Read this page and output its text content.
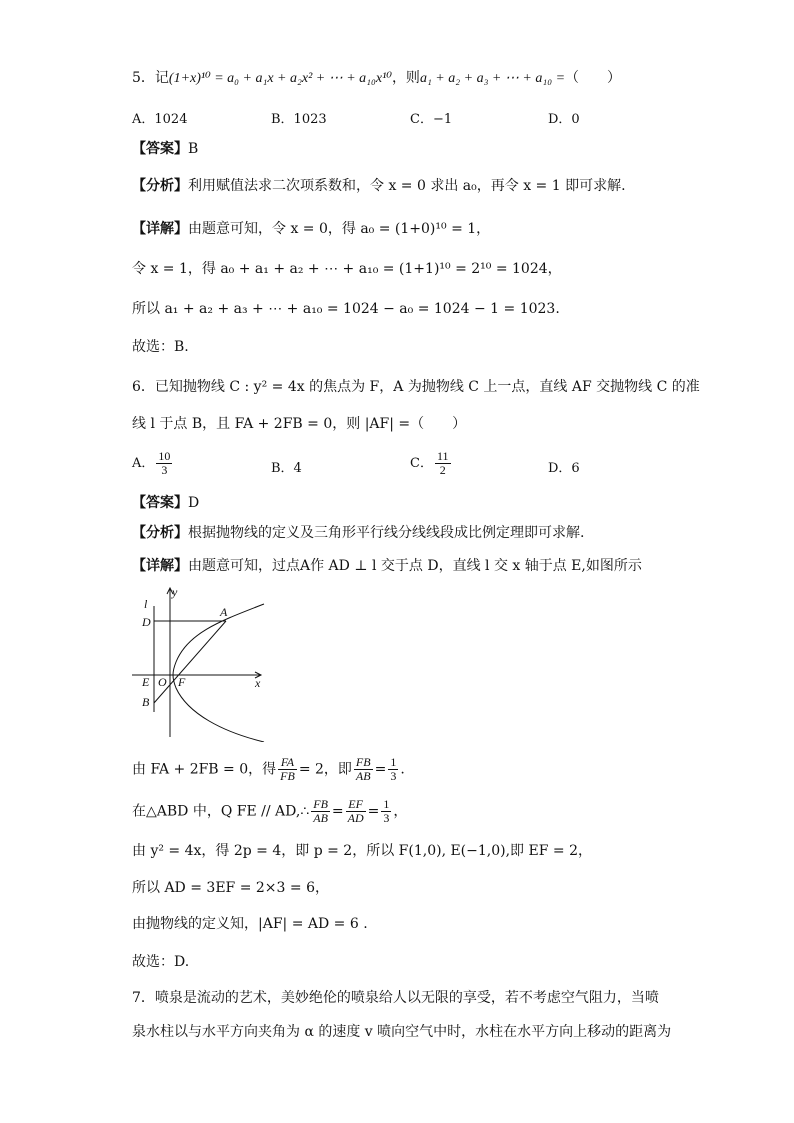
5．记(1+x)¹⁰ = a₀ + a₁x + a₂x² + ⋯ + a₁₀x¹⁰，则a₁ + a₂ + a₃ + ⋯ + a₁₀ =（　　）
A．1024	B．1023	C．−1	D．0
【答案】B
【分析】利用赋值法求二次项系数和，令 x = 0 求出 a₀，再令 x = 1 即可求解.
【详解】由题意可知，令 x = 0，得 a₀ = (1+0)¹⁰ = 1，
令 x = 1，得 a₀ + a₁ + a₂ + ⋯ + a₁₀ = (1+1)¹⁰ = 2¹⁰ = 1024，
所以 a₁ + a₂ + a₃ + ⋯ + a₁₀ = 1024 − a₀ = 1024 − 1 = 1023.
故选：B.
6．已知抛物线 C : y² = 4x 的焦点为 F，A 为抛物线 C 上一点，直线 AF 交抛物线 C 的准
线 l 于点 B，且 FA + 2FB = 0，则 |AF| =（　　）
A． $\frac{10}{3}$	B．4	C． $\frac{11}{2}$	D．6
【答案】D
【分析】根据抛物线的定义及三角形平行线分线线段成比例定理即可求解.
【详解】由题意可知，过点A作 AD ⊥ l 交于点 D，直线 l 交 x 轴于点 E,如图所示
y
l
A
D
E O F	x
B
由 FA + 2FB = 0，得 $\frac{FA}{FB} = 2$，即 $\frac{FB}{AB} = \frac{1}{3}$ .
在△ABD 中，Q FE // AD,∴ $\frac{FB}{AB} = \frac{EF}{AD} = \frac{1}{3}$ ，
由 y² = 4x，得 2p = 4，即 p = 2，所以 F(1,0), E(−1,0),即 EF = 2，
所以 AD = 3EF = 2×3 = 6，
由抛物线的定义知，|AF| = AD = 6 .
故选：D.
7．喷泉是流动的艺术，美妙绝伦的喷泉给人以无限的享受，若不考虑空气阻力，当喷
泉水柱以与水平方向夹角为 α 的速度 v 喷向空气中时，水柱在水平方向上移动的距离为
